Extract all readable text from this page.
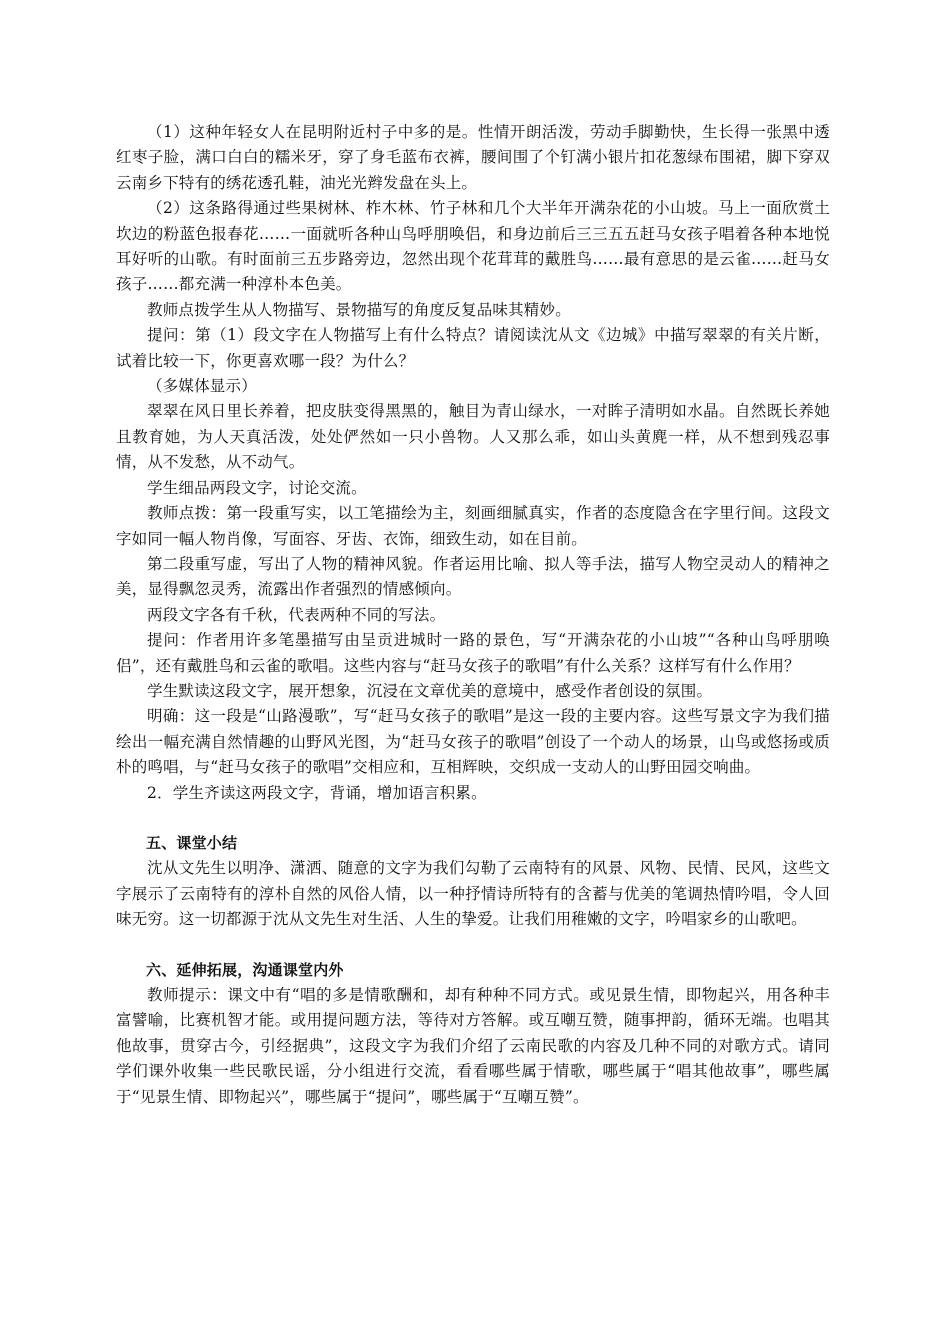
（1）这种年轻女人在昆明附近村子中多的是。性情开朗活泼，劳动手脚勤快，生长得一张黑中透红枣子脸，满口白白的糯米牙，穿了身毛蓝布衣裤，腰间围了个钉满小银片扣花葱绿布围裙，脚下穿双云南乡下特有的绣花透孔鞋，油光光辫发盘在头上。

（2）这条路得通过些果树林、柞木林、竹子林和几个大半年开满杂花的小山坡。马上一面欣赏土坎边的粉蓝色报春花……一面就听各种山鸟呼朋唤侣，和身边前后三三五五赶马女孩子唱着各种本地悦耳好听的山歌。有时面前三五步路旁边，忽然出现个花茸茸的戴胜鸟……最有意思的是云雀……赶马女孩子……都充满一种淳朴本色美。

教师点拨学生从人物描写、景物描写的角度反复品味其精妙。

提问：第（1）段文字在人物描写上有什么特点？请阅读沈从文《边城》中描写翠翠的有关片断，试着比较一下，你更喜欢哪一段？为什么？

（多媒体显示）

翠翠在风日里长养着，把皮肤变得黑黑的，触目为青山绿水，一对眸子清明如水晶。自然既长养她且教育她，为人天真活泼，处处俨然如一只小兽物。人又那么乖，如山头黄麂一样，从不想到残忍事情，从不发愁，从不动气。

学生细品两段文字，讨论交流。

教师点拨：第一段重写实，以工笔描绘为主，刻画细腻真实，作者的态度隐含在字里行间。这段文字如同一幅人物肖像，写面容、牙齿、衣饰，细致生动，如在目前。

第二段重写虚，写出了人物的精神风貌。作者运用比喻、拟人等手法，描写人物空灵动人的精神之美，显得飘忽灵秀，流露出作者强烈的情感倾向。

两段文字各有千秋，代表两种不同的写法。

提问：作者用许多笔墨描写由呈贡进城时一路的景色，写“开满杂花的小山坡”“各种山鸟呼朋唤侣”，还有戴胜鸟和云雀的歌唱。这些内容与“赶马女孩子的歌唱”有什么关系？这样写有什么作用？

学生默读这段文字，展开想象，沉浸在文章优美的意境中，感受作者创设的氛围。

明确：这一段是“山路漫歌”，写“赶马女孩子的歌唱”是这一段的主要内容。这些写景文字为我们描绘出一幅充满自然情趣的山野风光图，为“赶马女孩子的歌唱”创设了一个动人的场景，山鸟或悠扬或质朴的鸣唱，与“赶马女孩子的歌唱”交相应和，互相辉映，交织成一支动人的山野田园交响曲。

2．学生齐读这两段文字，背诵，增加语言积累。

五、课堂小结

沈从文先生以明净、潇洒、随意的文字为我们勾勒了云南特有的风景、风物、民情、民风，这些文字展示了云南特有的淳朴自然的风俗人情，以一种抒情诗所特有的含蓄与优美的笔调热情吟唱，令人回味无穷。这一切都源于沈从文先生对生活、人生的挚爱。让我们用稚嫩的文字，吟唱家乡的山歌吧。

六、延伸拓展，沟通课堂内外

教师提示：课文中有“唱的多是情歌酬和，却有种种不同方式。或见景生情，即物起兴，用各种丰富譬喻，比赛机智才能。或用提问题方法，等待对方答解。或互嘲互赞，随事押韵，循环无端。也唱其他故事，贯穿古今，引经据典”，这段文字为我们介绍了云南民歌的内容及几种不同的对歌方式。请同学们课外收集一些民歌民谣，分小组进行交流，看看哪些属于情歌，哪些属于“唱其他故事”，哪些属于“见景生情、即物起兴”，哪些属于“提问”，哪些属于“互嘲互赞”。
